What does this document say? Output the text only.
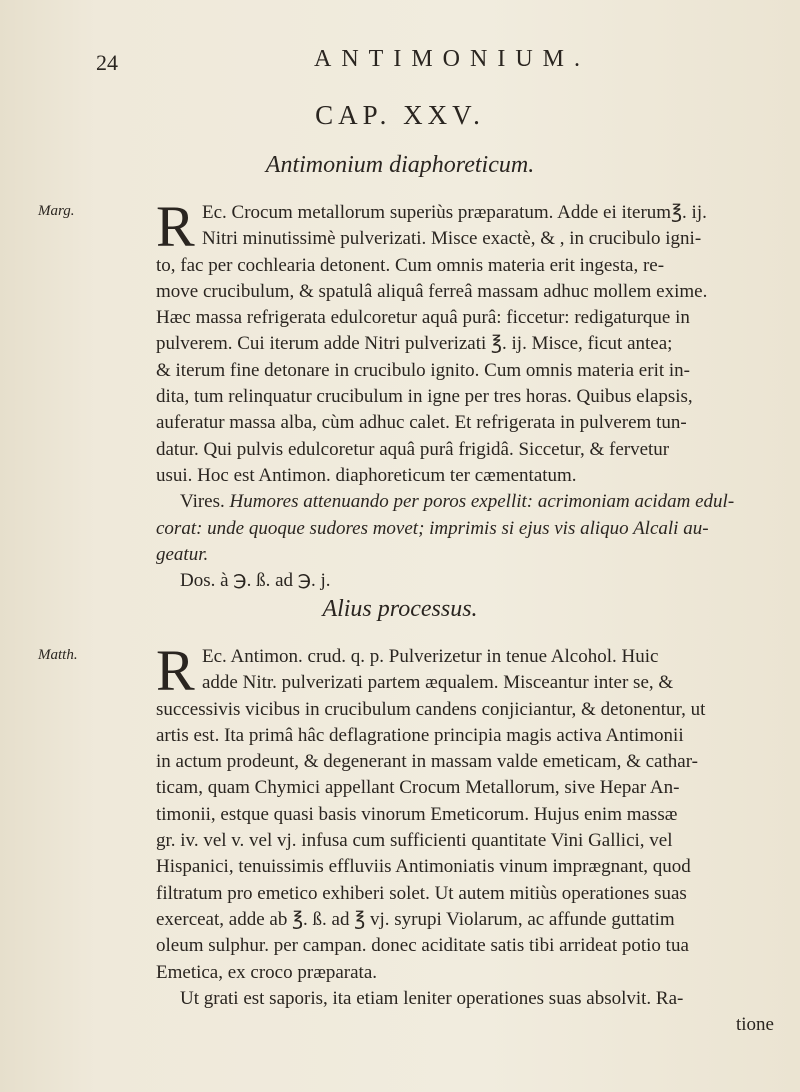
24	ANTIMONIUM.
CAP. XXV.
Antimonium diaphoreticum.
Marg. R Ec. Crocum metallorum superiùs præparatum. Adde ei iterum℥. ij.
Nitri minutissimè pulverizati. Misce exactè, & , in crucibulo igni-
to, fac per cochlearia detonent. Cum omnis materia erit ingesta, re-
move crucibulum, & spatulâ aliquâ ferreâ massam adhuc mollem exime.
Hæc massa refrigerata edulcoretur aquâ purâ: ficcetur: redigaturque in
pulverem. Cui iterum adde Nitri pulverizati ℥. ij. Misce, ficut antea;
& iterum fine detonare in crucibulo ignito. Cum omnis materia erit in-
dita, tum relinquatur crucibulum in igne per tres horas. Quibus elapsis,
auferatur massa alba, cùm adhuc calet. Et refrigerata in pulverem tun-
datur. Qui pulvis edulcoretur aquâ purâ frigidâ. Siccetur, & fervetur
usui. Hoc est Antimon. diaphoreticum ter cæmentatum.
Vires. Humores attenuando per poros expellit: acrimoniam acidam edul-
corat: unde quoque sudores movet; imprimis si ejus vis aliquo Alcali au-
geatur.
Dos. à ℈. ß. ad ℈. j.
Alius processus.
Matth. R Ec. Antimon. crud. q. p. Pulverizetur in tenue Alcohol. Huic
adde Nitr. pulverizati partem æqualem. Misceantur inter se, &
successivis vicibus in crucibulum candens conjiciantur, & detonentur, ut
artis est. Ita primâ hâc deflagratione principia magis activa Antimonii
in actum prodeunt, & degenerant in massam valde emeticam, & cathar-
ticam, quam Chymici appellant Crocum Metallorum, sive Hepar An-
timonii, estque quasi basis vinorum Emeticorum. Hujus enim massæ
gr. iv. vel v. vel vj. infusa cum sufficienti quantitate Vini Gallici, vel
Hispanici, tenuissimis effluviis Antimoniatis vinum imprægnant, quod
filtratum pro emetico exhiberi solet. Ut autem mitiùs operationes suas
exerceat, adde ab ℥. ß. ad ℥ vj. syrupi Violarum, ac affunde guttatim
oleum sulphur. per campan. donec aciditate satis tibi arrideat potio tua
Emetica, ex croco præparata.
Ut grati est saporis, ita etiam leniter operationes suas absolvit. Ra-
tione
